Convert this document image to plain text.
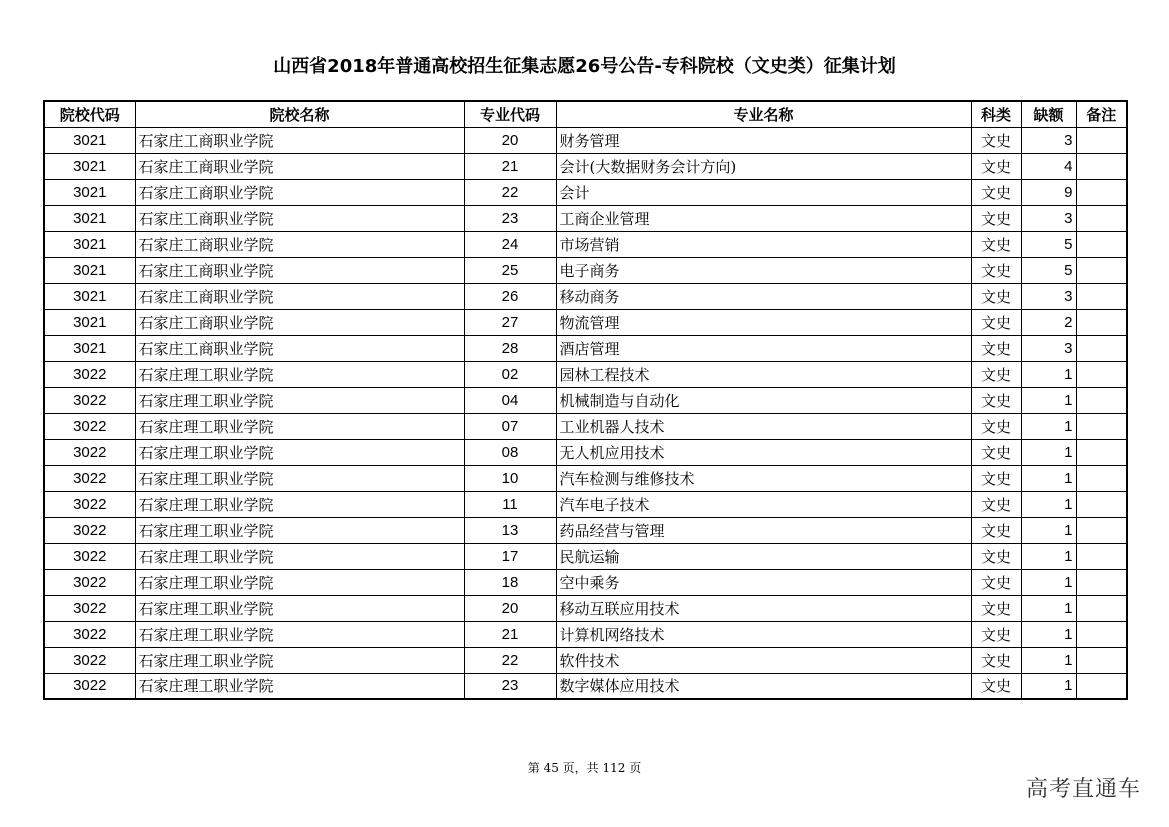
山西省2018年普通高校招生征集志愿26号公告-专科院校（文史类）征集计划
院校代码	院校名称	专业代码	专业名称	科类	缺额	备注
3021	石家庄工商职业学院	20	财务管理	文史	3	
3021	石家庄工商职业学院	21	会计(大数据财务会计方向)	文史	4	
3021	石家庄工商职业学院	22	会计	文史	9	
3021	石家庄工商职业学院	23	工商企业管理	文史	3	
3021	石家庄工商职业学院	24	市场营销	文史	5	
3021	石家庄工商职业学院	25	电子商务	文史	5	
3021	石家庄工商职业学院	26	移动商务	文史	3	
3021	石家庄工商职业学院	27	物流管理	文史	2	
3021	石家庄工商职业学院	28	酒店管理	文史	3	
3022	石家庄理工职业学院	02	园林工程技术	文史	1	
3022	石家庄理工职业学院	04	机械制造与自动化	文史	1	
3022	石家庄理工职业学院	07	工业机器人技术	文史	1	
3022	石家庄理工职业学院	08	无人机应用技术	文史	1	
3022	石家庄理工职业学院	10	汽车检测与维修技术	文史	1	
3022	石家庄理工职业学院	11	汽车电子技术	文史	1	
3022	石家庄理工职业学院	13	药品经营与管理	文史	1	
3022	石家庄理工职业学院	17	民航运输	文史	1	
3022	石家庄理工职业学院	18	空中乘务	文史	1	
3022	石家庄理工职业学院	20	移动互联应用技术	文史	1	
3022	石家庄理工职业学院	21	计算机网络技术	文史	1	
3022	石家庄理工职业学院	22	软件技术	文史	1	
3022	石家庄理工职业学院	23	数字媒体应用技术	文史	1	
第 45 页，共 112 页
高考直通车
